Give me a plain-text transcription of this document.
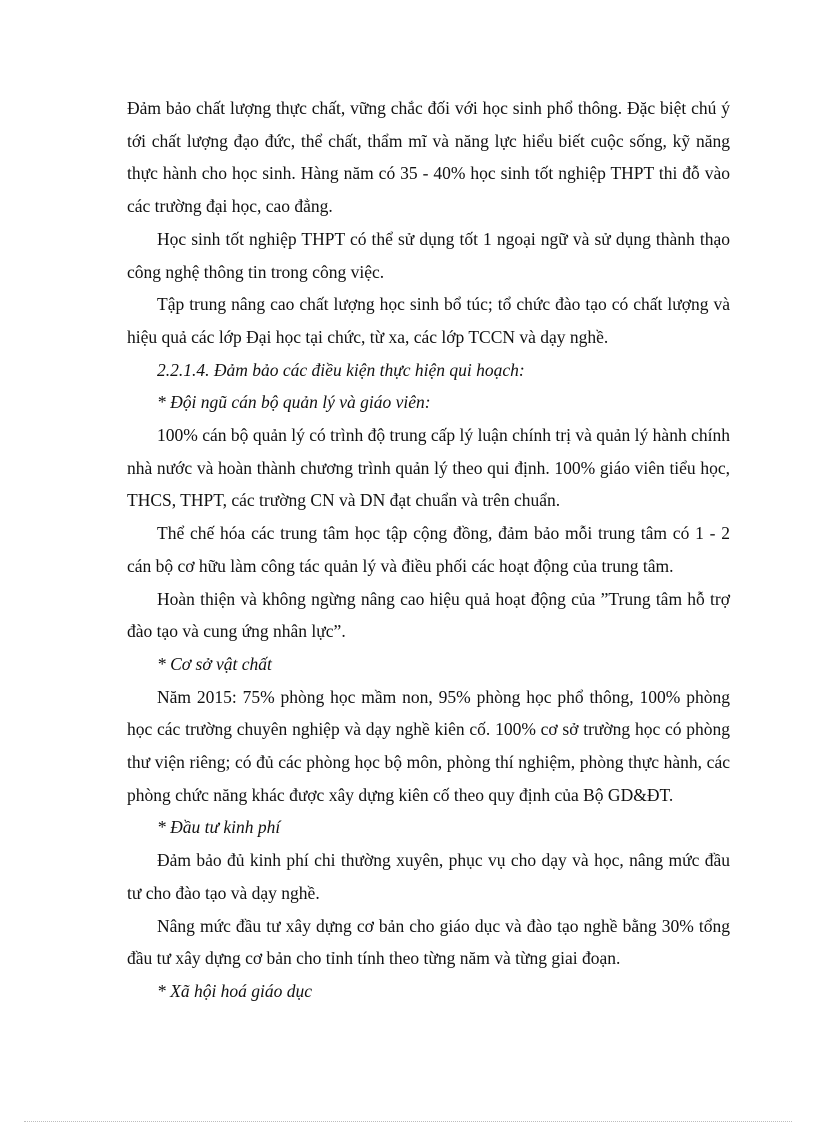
Đảm bảo chất lượng thực chất, vững chắc đối với học sinh phổ thông. Đặc biệt chú ý tới chất lượng đạo đức, thể chất, thẩm mĩ và năng lực hiểu biết cuộc sống, kỹ năng thực hành cho học sinh. Hàng năm có 35 - 40% học sinh tốt nghiệp THPT thi đỗ vào các trường đại học, cao đẳng.

Học sinh tốt nghiệp THPT có thể sử dụng tốt 1 ngoại ngữ và sử dụng thành thạo công nghệ thông tin trong công việc.

Tập trung nâng cao chất lượng học sinh bổ túc; tổ chức đào tạo có chất lượng và hiệu quả các lớp Đại học tại chức, từ xa, các lớp TCCN và dạy nghề.

2.2.1.4. Đảm bảo các điều kiện thực hiện qui hoạch:

* Đội ngũ cán bộ quản lý và giáo viên:

100% cán bộ quản lý có trình độ trung cấp lý luận chính trị và quản lý hành chính nhà nước và hoàn thành chương trình quản lý theo qui định. 100% giáo viên tiểu học, THCS, THPT, các trường CN và DN đạt chuẩn và trên chuẩn.

Thể chế hóa các trung tâm học tập cộng đồng, đảm bảo mỗi trung tâm có 1 - 2 cán bộ cơ hữu làm công tác quản lý và điều phối các hoạt động của trung tâm.

Hoàn thiện và không ngừng nâng cao hiệu quả hoạt động của ”Trung tâm hỗ trợ đào tạo và cung ứng nhân lực”.

* Cơ sở vật chất

Năm 2015: 75% phòng học mầm non, 95% phòng học phổ thông, 100% phòng học các trường chuyên nghiệp và dạy nghề kiên cố. 100% cơ sở trường học có phòng thư viện riêng; có đủ các phòng học bộ môn, phòng thí nghiệm, phòng thực hành, các phòng chức năng khác được xây dựng kiên cố theo quy định của Bộ GD&ĐT.

* Đầu tư kinh phí

Đảm bảo đủ kinh phí chi thường xuyên, phục vụ cho dạy và học, nâng mức đầu tư cho đào tạo và dạy nghề.

Nâng mức đầu tư xây dựng cơ bản cho giáo dục và đào tạo nghề bằng 30% tổng đầu tư xây dựng cơ bản cho tỉnh tính theo từng năm và từng giai đoạn.

* Xã hội hoá giáo dục
